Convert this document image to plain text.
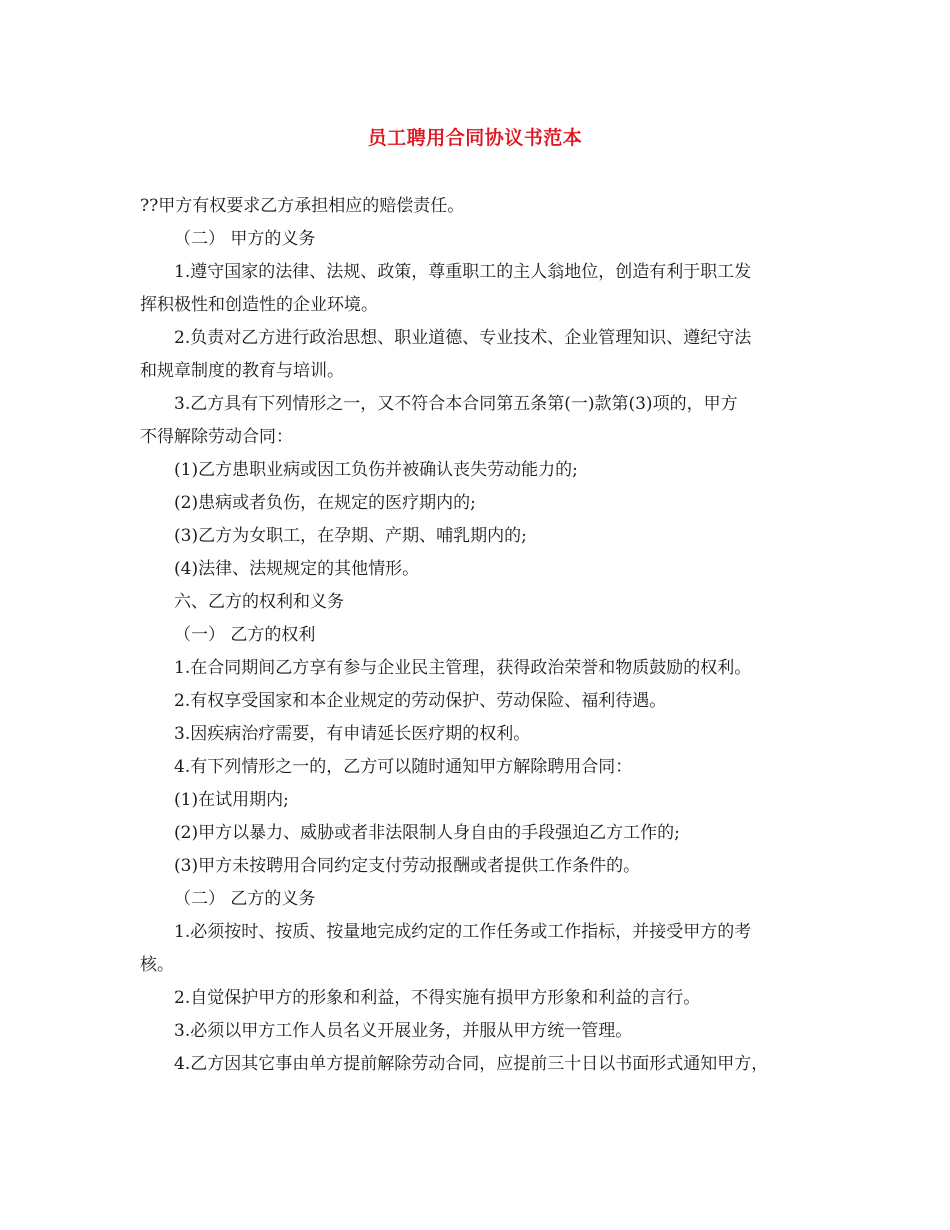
员工聘用合同协议书范本

??甲方有权要求乙方承担相应的赔偿责任。

（二） 甲方的义务

1.遵守国家的法律、法规、政策，尊重职工的主人翁地位，创造有利于职工发

挥积极性和创造性的企业环境。

2.负责对乙方进行政治思想、职业道德、专业技术、企业管理知识、遵纪守法

和规章制度的教育与培训。

3.乙方具有下列情形之一，又不符合本合同第五条第(一)款第(3)项的，甲方

不得解除劳动合同：

(1)乙方患职业病或因工负伤并被确认丧失劳动能力的;

(2)患病或者负伤，在规定的医疗期内的;

(3)乙方为女职工，在孕期、产期、哺乳期内的;

(4)法律、法规规定的其他情形。

六、乙方的权利和义务

（一） 乙方的权利

1.在合同期间乙方享有参与企业民主管理，获得政治荣誉和物质鼓励的权利。

2.有权享受国家和本企业规定的劳动保护、劳动保险、福利待遇。

3.因疾病治疗需要，有申请延长医疗期的权利。

4.有下列情形之一的，乙方可以随时通知甲方解除聘用合同：

(1)在试用期内;

(2)甲方以暴力、威胁或者非法限制人身自由的手段强迫乙方工作的;

(3)甲方未按聘用合同约定支付劳动报酬或者提供工作条件的。

（二） 乙方的义务

1.必须按时、按质、按量地完成约定的工作任务或工作指标，并接受甲方的考

核。

2.自觉保护甲方的形象和利益，不得实施有损甲方形象和利益的言行。

3.必须以甲方工作人员名义开展业务，并服从甲方统一管理。

4.乙方因其它事由单方提前解除劳动合同，应提前三十日以书面形式通知甲方，
